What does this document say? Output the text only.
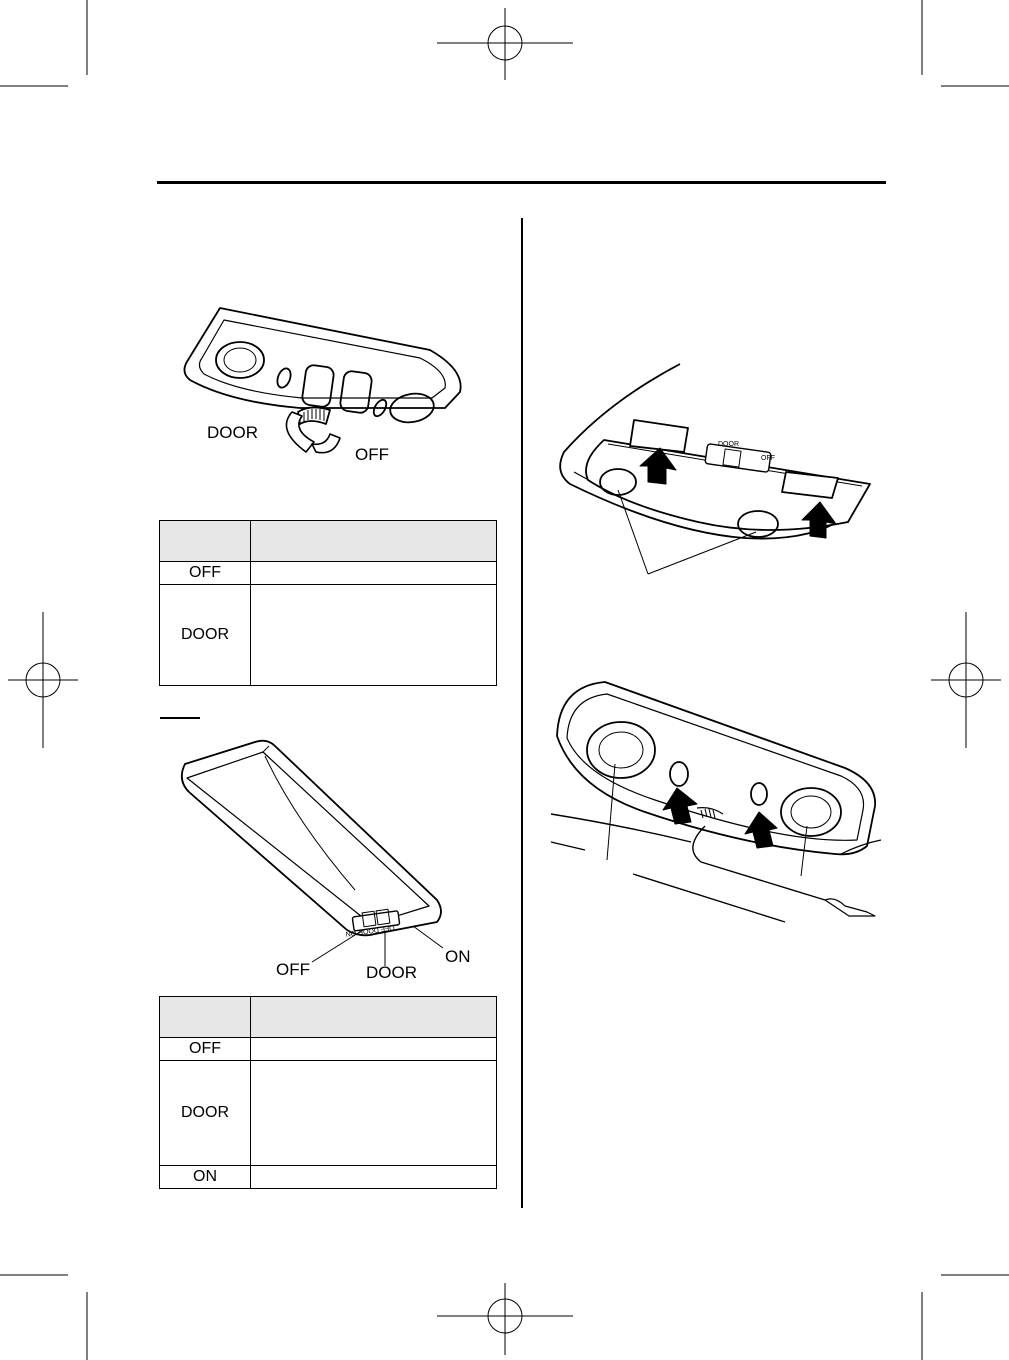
DOOR
OFF

OFF	
DOOR	
OFF DOOR ON
OFF	DOOR
ON

OFF	
DOOR	
ON	
DOOR
OFF
